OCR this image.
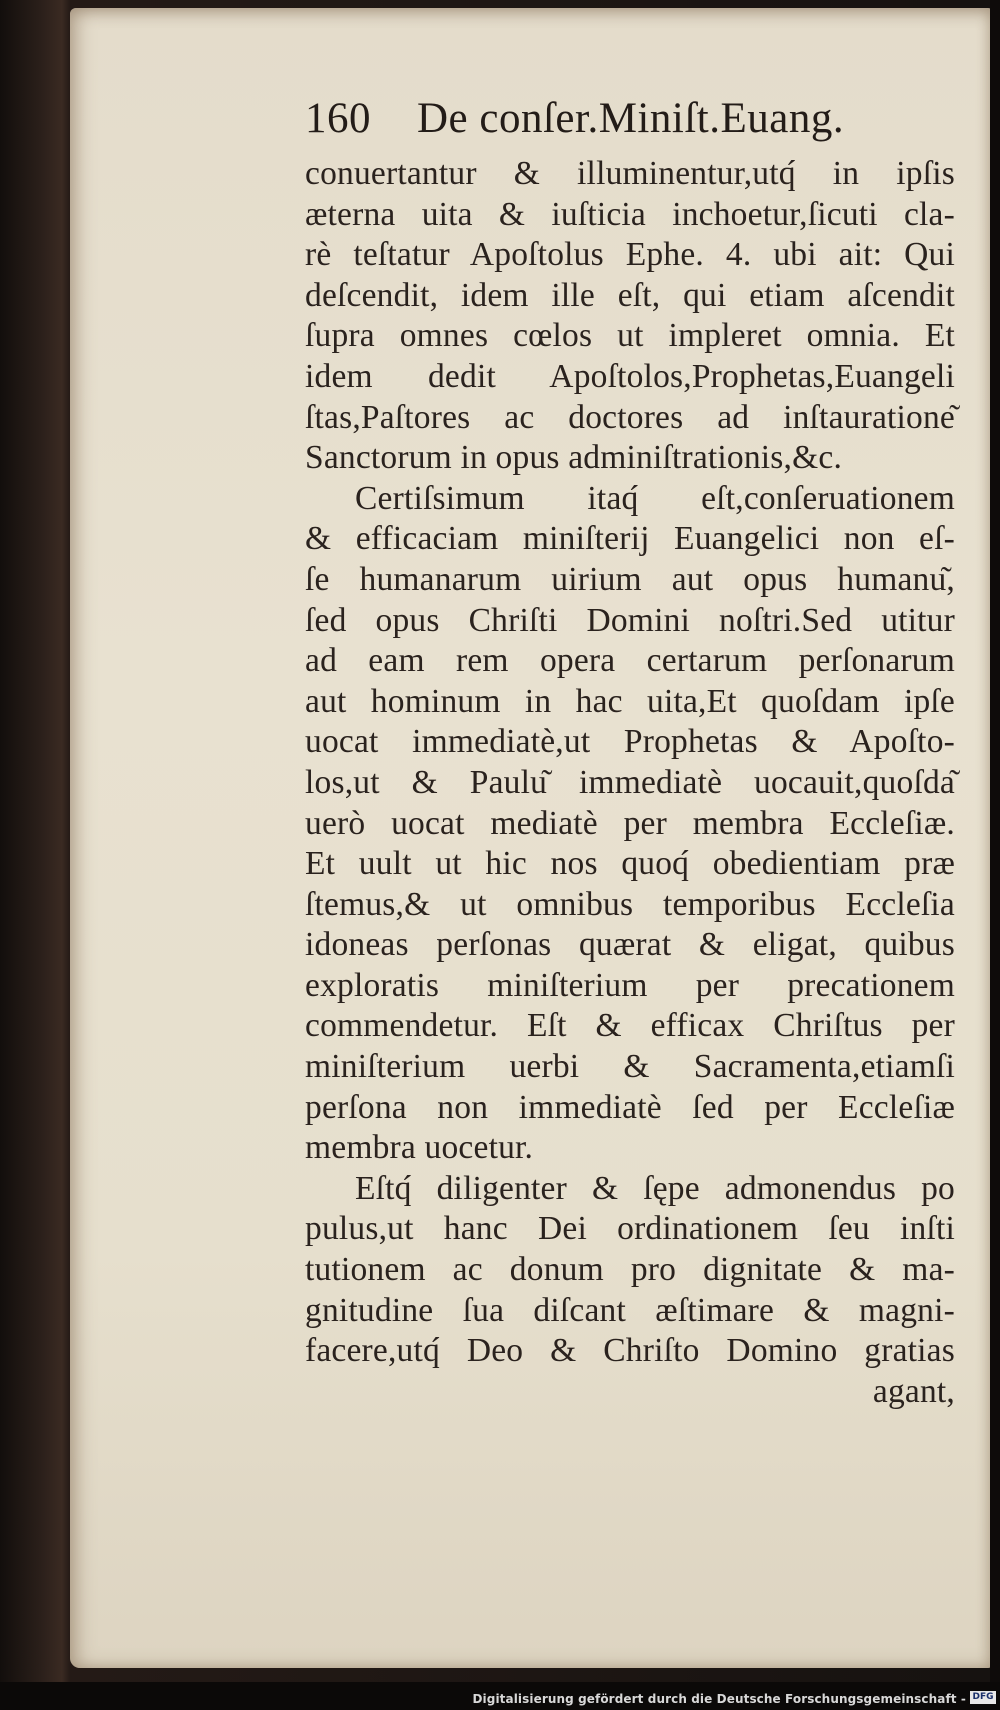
160 De conſer.Miniſt.Euang.
conuertantur & illuminentur,utq́ in ipſis
æterna uita & iuſticia inchoetur,ſicuti cla-
rè teſtatur Apoſtolus Ephe. 4. ubi ait: Qui
deſcendit, idem ille eſt, qui etiam aſcendit
ſupra omnes cœlos ut impleret omnia. Et
idem dedit Apoſtolos,Prophetas,Euangeli
ſtas,Paſtores ac doctores ad inſtauratione͂
Sanctorum in opus adminiſtrationis,&c.
Certiſsimum itaq́ eſt,conſeruationem
& efficaciam miniſterij Euangelici non eſ-
ſe humanarum uirium aut opus humanu͂,
ſed opus Chriſti Domini noſtri.Sed utitur
ad eam rem opera certarum perſonarum
aut hominum in hac uita,Et quoſdam ipſe
uocat immediatè,ut Prophetas & Apoſto-
los,ut & Paulu͂ immediatè uocauit,quoſda͂
uerò uocat mediatè per membra Eccleſiæ.
Et uult ut hic nos quoq́ obedientiam præ
ſtemus,& ut omnibus temporibus Eccleſia
idoneas perſonas quærat & eligat, quibus
exploratis miniſterium per precationem
commendetur. Eſt & efficax Chriſtus per
miniſterium uerbi & Sacramenta,etiamſi
perſona non immediatè ſed per Eccleſiæ
membra uocetur.
Eſtq́ diligenter & ſępe admonendus po
pulus,ut hanc Dei ordinationem ſeu inſti
tutionem ac donum pro dignitate & ma-
gnitudine ſua diſcant æſtimare & magni-
facere,utq́ Deo & Chriſto Domino gratias
agant,
Digitalisierung gefördert durch die Deutsche Forschungsgemeinschaft - DFG
